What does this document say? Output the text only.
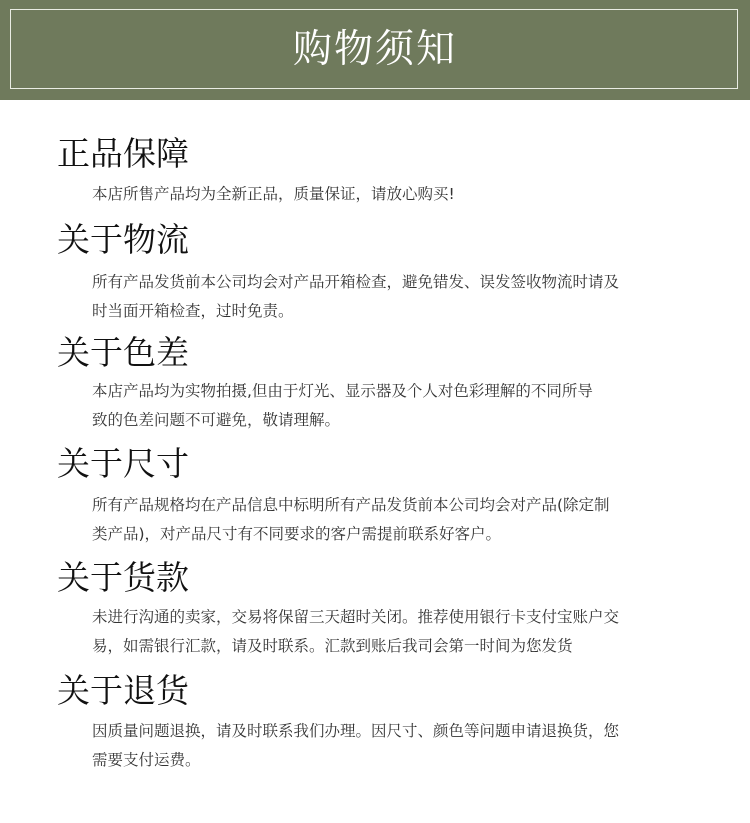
购物须知
正品保障

本店所售产品均为全新正品，质量保证，请放心购买!

关于物流

所有产品发货前本公司均会对产品开箱检查，避免错发、误发签收物流时请及

时当面开箱检查，过时免责。

关于色差

本店产品均为实物拍摄,但由于灯光、显示器及个人对色彩理解的不同所导

致的色差问题不可避免，敬请理解。

关于尺寸

所有产品规格均在产品信息中标明所有产品发货前本公司均会对产品(除定制

类产品)，对产品尺寸有不同要求的客户需提前联系好客户。

关于货款

未进行沟通的卖家，交易将保留三天超时关闭。推荐使用银行卡支付宝账户交

易，如需银行汇款，请及时联系。汇款到账后我司会第一时间为您发货

关于退货

因质量问题退换，请及时联系我们办理。因尺寸、颜色等问题申请退换货，您

需要支付运费。
